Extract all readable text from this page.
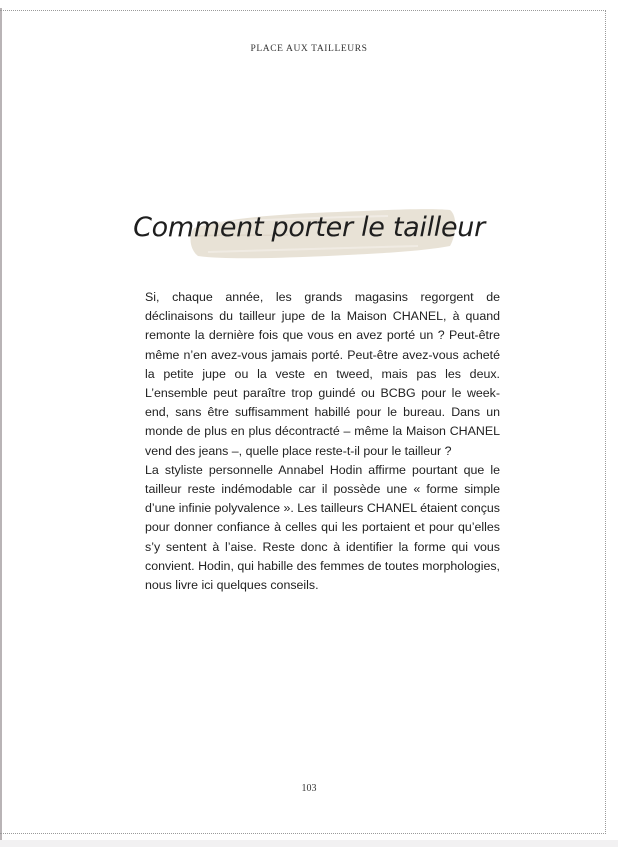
PLACE AUX TAILLEURS
Comment porter le tailleur

Si, chaque année, les grands magasins regorgent de déclinaisons du tailleur jupe de la Maison CHANEL, à quand remonte la dernière fois que vous en avez porté un ? Peut-être même n’en avez-vous jamais porté. Peut-être avez-vous acheté la petite jupe ou la veste en tweed, mais pas les deux. L’ensemble peut paraître trop guindé ou BCBG pour le week-end, sans être suffisamment habillé pour le bureau. Dans un monde de plus en plus décontracté – même la Maison CHANEL vend des jeans –, quelle place reste-t-il pour le tailleur ?

La styliste personnelle Annabel Hodin affirme pourtant que le tailleur reste indémodable car il possède une « forme simple d’une infinie polyvalence ». Les tailleurs CHANEL étaient conçus pour donner confiance à celles qui les portaient et pour qu’elles s’y sentent à l’aise. Reste donc à identifier la forme qui vous convient. Hodin, qui habille des femmes de toutes morphologies, nous livre ici quelques conseils.

103
